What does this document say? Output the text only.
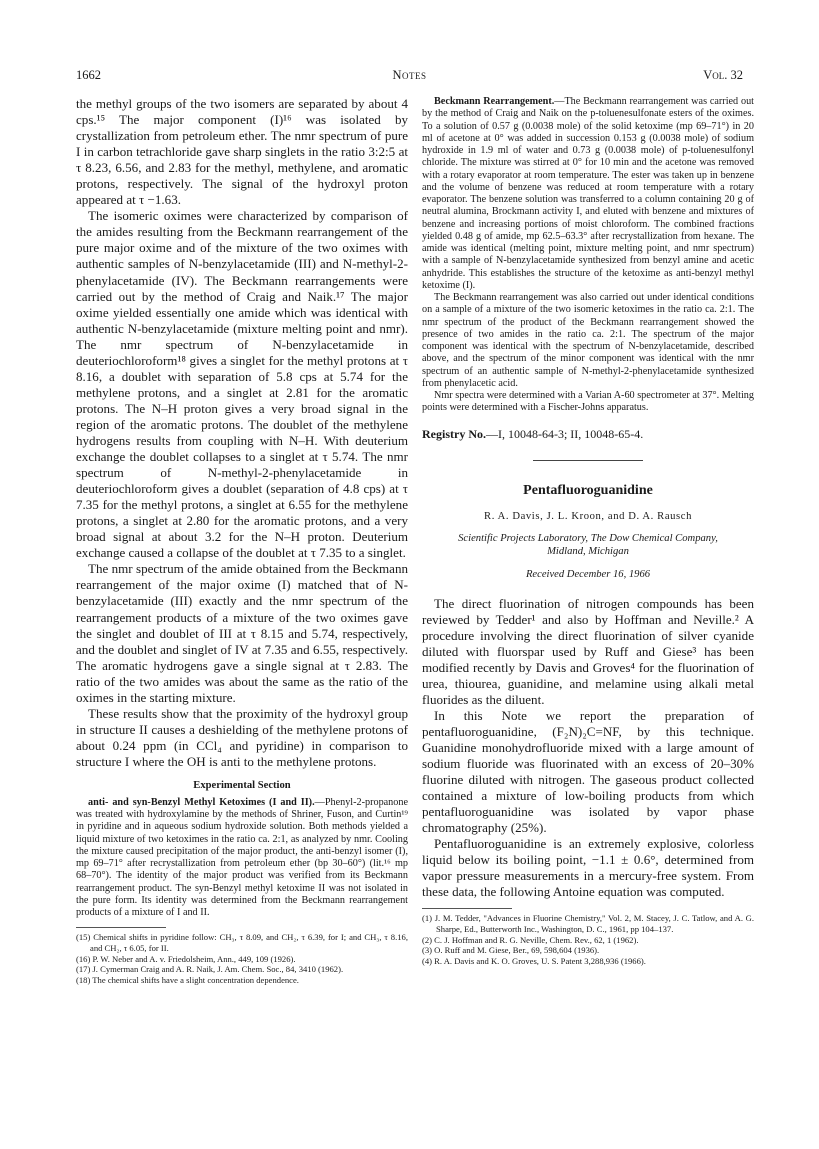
1662	Notes	Vol. 32

the methyl groups of the two isomers are separated by about 4 cps.¹⁵ The major component (I)¹⁶ was isolated by crystallization from petroleum ether. The nmr spectrum of pure I in carbon tetrachloride gave sharp singlets in the ratio 3:2:5 at τ 8.23, 6.56, and 2.83 for the methyl, methylene, and aromatic protons, respectively. The signal of the hydroxyl proton appeared at τ −1.63.

The isomeric oximes were characterized by comparison of the amides resulting from the Beckmann rearrangement of the pure major oxime and of the mixture of the two oximes with authentic samples of N-benzylacetamide (III) and N-methyl-2-phenylacetamide (IV). The Beckmann rearrangements were carried out by the method of Craig and Naik.¹⁷ The major oxime yielded essentially one amide which was identical with authentic N-benzylacetamide (mixture melting point and nmr). The nmr spectrum of N-benzylacetamide in deuteriochloroform¹⁸ gives a singlet for the methyl protons at τ 8.16, a doublet with separation of 5.8 cps at 5.74 for the methylene protons, and a singlet at 2.81 for the aromatic protons. The N–H proton gives a very broad signal in the region of the aromatic protons. The doublet of the methylene hydrogens results from coupling with N–H. With deuterium exchange the doublet collapses to a singlet at τ 5.74. The nmr spectrum of N-methyl-2-phenylacetamide in deuteriochloroform gives a doublet (separation of 4.8 cps) at τ 7.35 for the methyl protons, a singlet at 6.55 for the methylene protons, a singlet at 2.80 for the aromatic protons, and a very broad signal at about 3.2 for the N–H proton. Deuterium exchange caused a collapse of the doublet at τ 7.35 to a singlet.

The nmr spectrum of the amide obtained from the Beckmann rearrangement of the major oxime (I) matched that of N-benzylacetamide (III) exactly and the nmr spectrum of the rearrangement products of a mixture of the two oximes gave the singlet and doublet of III at τ 8.15 and 5.74, respectively, and the doublet and singlet of IV at 7.35 and 6.55, respectively. The aromatic hydrogens gave a single signal at τ 2.83. The ratio of the two amides was about the same as the ratio of the oximes in the starting mixture.

These results show that the proximity of the hydroxyl group in structure II causes a deshielding of the methylene protons of about 0.24 ppm (in CCl₄ and pyridine) in comparison to structure I where the OH is anti to the methylene protons.

Experimental Section

anti- and syn-Benzyl Methyl Ketoximes (I and II).—Phenyl-2-propanone was treated with hydroxylamine by the methods of Shriner, Fuson, and Curtin¹⁹ in pyridine and in aqueous sodium hydroxide solution. Both methods yielded a liquid mixture of two ketoximes in the ratio ca. 2:1, as analyzed by nmr. Cooling the mixture caused precipitation of the major product, the anti-benzyl isomer (I), mp 69–71° after recrystallization from petroleum ether (bp 30–60°) (lit.¹⁶ mp 68–70°). The identity of the major product was verified from its Beckmann rearrangement product. The syn-Benzyl methyl ketoxime II was not isolated in the pure form. Its identity was determined from the Beckmann rearrangement products of a mixture of I and II.

(15) Chemical shifts in pyridine follow: CH₃, τ 8.09, and CH₂, τ 6.39, for I; and CH₃, τ 8.16, and CH₂, τ 6.05, for II.

(16) P. W. Neber and A. v. Friedolsheim, Ann., 449, 109 (1926).

(17) J. Cymerman Craig and A. R. Naik, J. Am. Chem. Soc., 84, 3410 (1962).

(18) The chemical shifts have a slight concentration dependence.

Beckmann Rearrangement.—The Beckmann rearrangement was carried out by the method of Craig and Naik on the p-toluenesulfonate esters of the oximes. To a solution of 0.57 g (0.0038 mole) of the solid ketoxime (mp 69–71°) in 20 ml of acetone at 0° was added in succession 0.153 g (0.0038 mole) of sodium hydroxide in 1.9 ml of water and 0.73 g (0.0038 mole) of p-toluenesulfonyl chloride. The mixture was stirred at 0° for 10 min and the acetone was removed with a rotary evaporator at room temperature. The ester was taken up in benzene and the volume of benzene was reduced at room temperature with a rotary evaporator. The benzene solution was transferred to a column containing 20 g of neutral alumina, Brockmann activity I, and eluted with benzene and mixtures of benzene and increasing portions of moist chloroform. The combined fractions yielded 0.48 g of amide, mp 62.5–63.3° after recrystallization from hexane. The amide was identical (melting point, mixture melting point, and nmr spectrum) with a sample of N-benzylacetamide synthesized from benzyl amine and acetic anhydride. This establishes the structure of the ketoxime as anti-benzyl methyl ketoxime (I).

The Beckmann rearrangement was also carried out under identical conditions on a sample of a mixture of the two isomeric ketoximes in the ratio ca. 2:1. The nmr spectrum of the product of the Beckmann rearrangement showed the presence of two amides in the ratio ca. 2:1. The spectrum of the major component was identical with the spectrum of N-benzylacetamide, described above, and the spectrum of the minor component was identical with the nmr spectrum of an authentic sample of N-methyl-2-phenylacetamide synthesized from phenylacetic acid.

Nmr spectra were determined with a Varian A-60 spectrometer at 37°. Melting points were determined with a Fischer-Johns apparatus.

Registry No.—I, 10048-64-3; II, 10048-65-4.
Pentafluoroguanidine
R. A. Davis, J. L. Kroon, and D. A. Rausch
Scientific Projects Laboratory, The Dow Chemical Company,
Midland, Michigan
Received December 16, 1966

The direct fluorination of nitrogen compounds has been reviewed by Tedder¹ and also by Hoffman and Neville.² A procedure involving the direct fluorination of silver cyanide diluted with fluorspar used by Ruff and Giese³ has been modified recently by Davis and Groves⁴ for the fluorination of urea, thiourea, guanidine, and melamine using alkali metal fluorides as the diluent.

In this Note we report the preparation of pentafluoroguanidine, (F₂N)₂C=NF, by this technique. Guanidine monohydrofluoride mixed with a large amount of sodium fluoride was fluorinated with an excess of 20–30% fluorine diluted with nitrogen. The gaseous product collected contained a mixture of low-boiling products from which pentafluoroguanidine was isolated by vapor phase chromatography (25%).

Pentafluoroguanidine is an extremely explosive, colorless liquid below its boiling point, −1.1 ± 0.6°, determined from vapor pressure measurements in a mercury-free system. From these data, the following Antoine equation was computed.

(1) J. M. Tedder, "Advances in Fluorine Chemistry," Vol. 2, M. Stacey, J. C. Tatlow, and A. G. Sharpe, Ed., Butterworth Inc., Washington, D. C., 1961, pp 104–137.

(2) C. J. Hoffman and R. G. Neville, Chem. Rev., 62, 1 (1962).

(3) O. Ruff and M. Giese, Ber., 69, 598,604 (1936).

(4) R. A. Davis and K. O. Groves, U. S. Patent 3,288,936 (1966).
